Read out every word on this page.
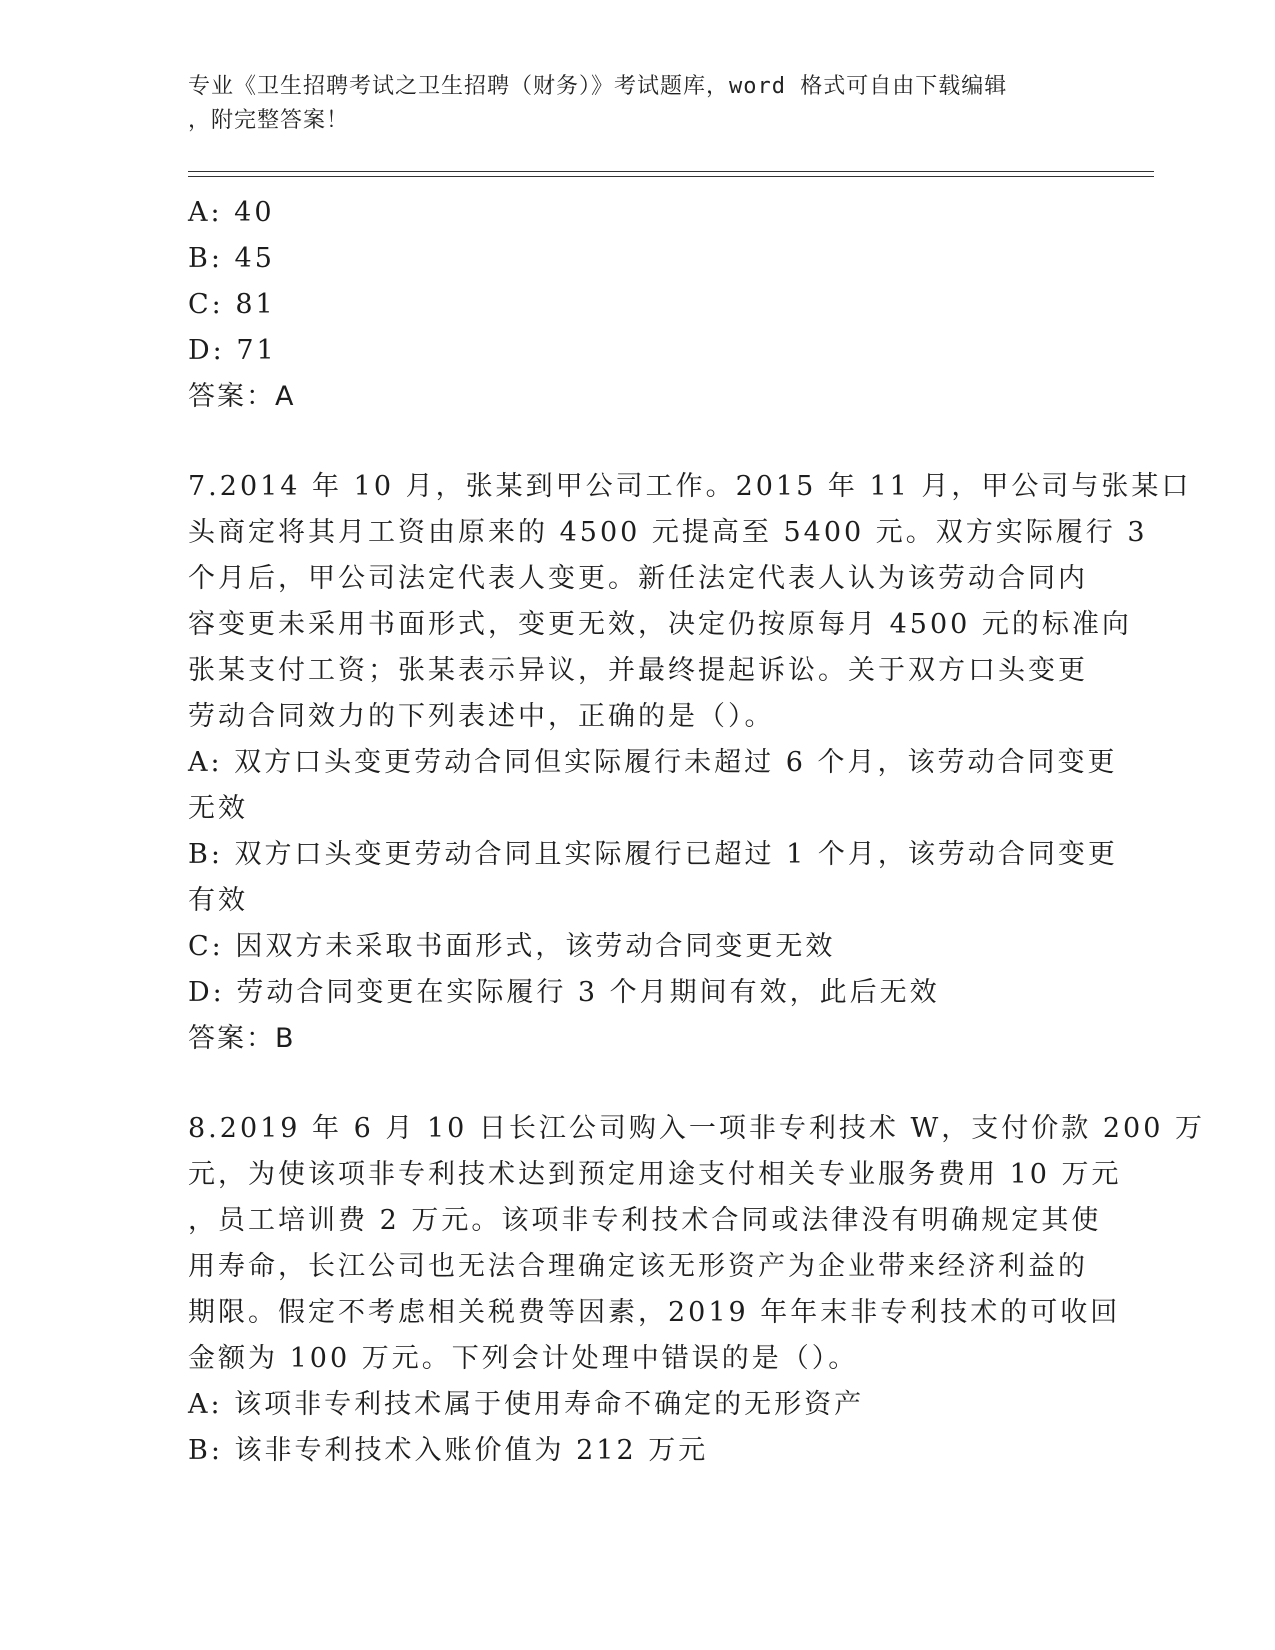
专业《卫生招聘考试之卫生招聘（财务）》考试题库，word 格式可自由下载编辑
，附完整答案！
A: 40
B: 45
C: 81
D: 71
答案：A
7.2014 年 10 月，张某到甲公司工作。2015 年 11 月，甲公司与张某口
头商定将其月工资由原来的 4500 元提高至 5400 元。双方实际履行 3
个月后，甲公司法定代表人变更。新任法定代表人认为该劳动合同内
容变更未采用书面形式，变更无效，决定仍按原每月 4500 元的标准向
张某支付工资；张某表示异议，并最终提起诉讼。关于双方口头变更
劳动合同效力的下列表述中，正确的是（）。
A: 双方口头变更劳动合同但实际履行未超过 6 个月，该劳动合同变更
无效
B: 双方口头变更劳动合同且实际履行已超过 1 个月，该劳动合同变更
有效
C: 因双方未采取书面形式，该劳动合同变更无效
D: 劳动合同变更在实际履行 3 个月期间有效，此后无效
答案：B
8.2019 年 6 月 10 日长江公司购入一项非专利技术 W，支付价款 200 万
元，为使该项非专利技术达到预定用途支付相关专业服务费用 10 万元
，员工培训费 2 万元。该项非专利技术合同或法律没有明确规定其使
用寿命，长江公司也无法合理确定该无形资产为企业带来经济利益的
期限。假定不考虑相关税费等因素，2019 年年末非专利技术的可收回
金额为 100 万元。下列会计处理中错误的是（）。
A: 该项非专利技术属于使用寿命不确定的无形资产
B: 该非专利技术入账价值为 212 万元
